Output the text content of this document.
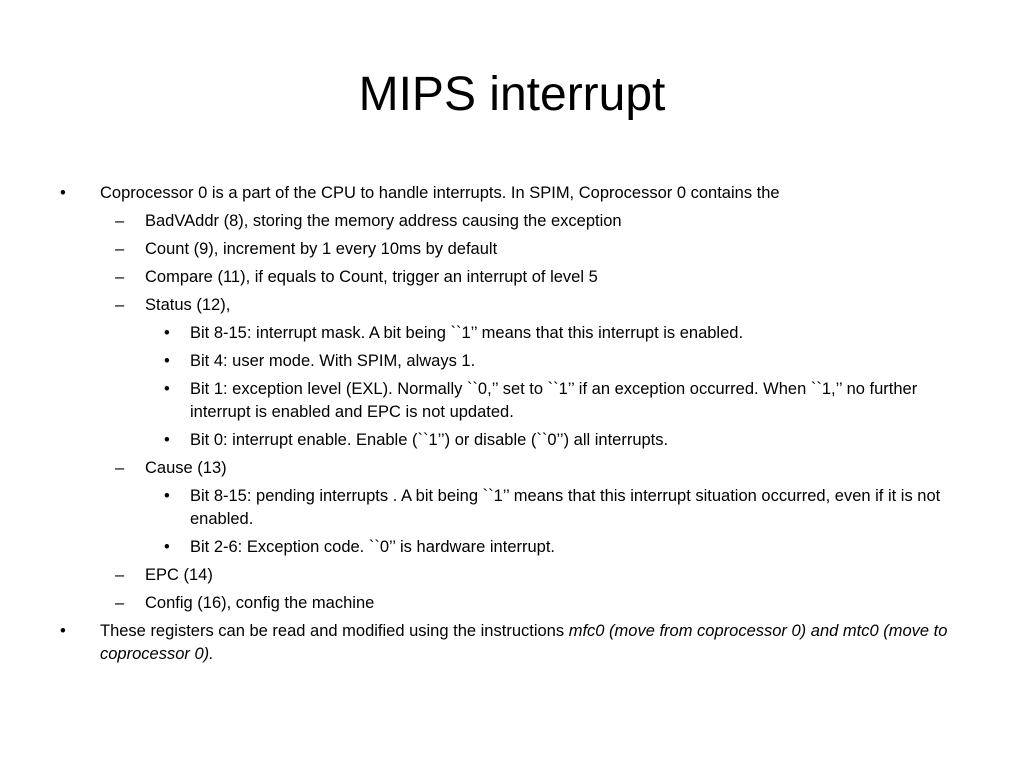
MIPS interrupt
• Coprocessor 0 is a part of the CPU to handle interrupts. In SPIM, Coprocessor 0 contains the
– BadVAddr (8), storing the memory address causing the exception
– Count (9), increment by 1 every 10ms by default
– Compare (11), if equals to Count, trigger an interrupt of level 5
– Status (12),
• Bit 8-15: interrupt mask. A bit being ``1’’ means that this interrupt is enabled.
• Bit 4: user mode. With SPIM, always 1.
• Bit 1: exception level (EXL). Normally ``0,’’ set to ``1’’ if an exception occurred. When ``1,’’ no further interrupt is enabled and EPC is not updated.
• Bit 0: interrupt enable. Enable (``1’’) or disable (``0’’) all interrupts.
– Cause (13)
• Bit 8-15: pending interrupts . A bit being ``1’’ means that this interrupt situation occurred, even if it is not enabled.
• Bit 2-6: Exception code. ``0’’ is hardware interrupt.
– EPC (14)
– Config (16), config the machine
• These registers can be read and modified using the instructions mfc0 (move from coprocessor 0) and mtc0 (move to coprocessor 0).
